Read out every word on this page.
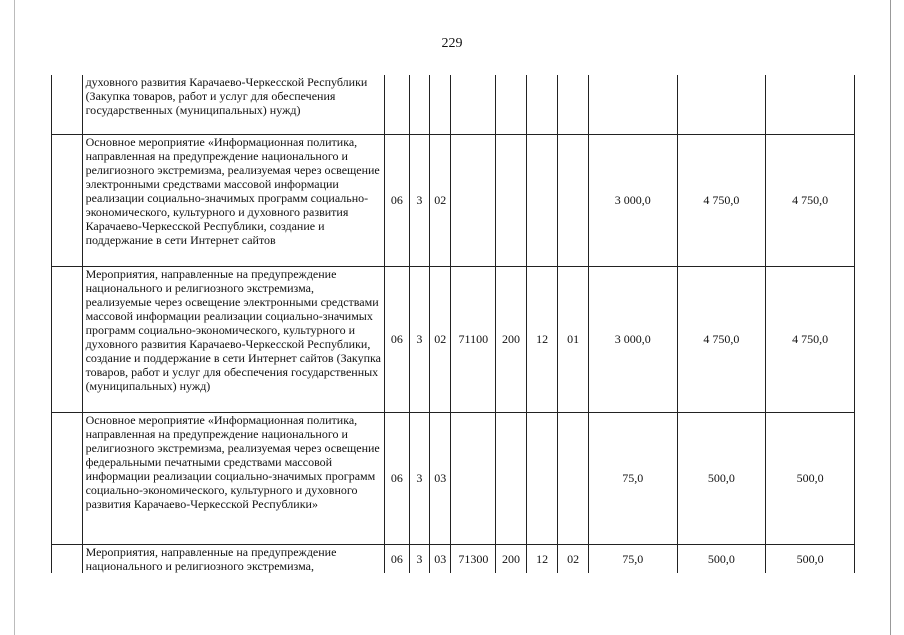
229
	духовного развития Карачаево-Черкесской Республики (Закупка товаров, работ и услуг для обеспечения государственных (муниципальных) нужд)										
	Основное мероприятие «Информационная политика, направленная на предупреждение национального и религиозного экстремизма, реализуемая через освещение электронными средствами массовой информации реализации социально-значимых программ социально-экономического, культурного и духовного развития Карачаево-Черкесской Республики, создание и поддержание в сети Интернет сайтов	06	3	02					3 000,0	4 750,0	4 750,0
	Мероприятия, направленные на предупреждение национального и религиозного экстремизма, реализуемые через освещение электронными средствами массовой информации реализации социально-значимых программ социально-экономического, культурного и духовного развития Карачаево-Черкесской Республики, создание и поддержание в сети Интернет сайтов (Закупка товаров, работ и услуг для обеспечения государственных (муниципальных) нужд)	06	3	02	71100	200	12	01	3 000,0	4 750,0	4 750,0
	Основное мероприятие «Информационная политика, направленная на предупреждение национального и религиозного экстремизма, реализуемая через освещение федеральными печатными средствами массовой информации реализации социально-значимых программ социально-экономического, культурного и духовного развития Карачаево-Черкесской Республики»	06	3	03					75,0	500,0	500,0
	Мероприятия, направленные на предупреждение национального и религиозного экстремизма,	06	3	03	71300	200	12	02	75,0	500,0	500,0
